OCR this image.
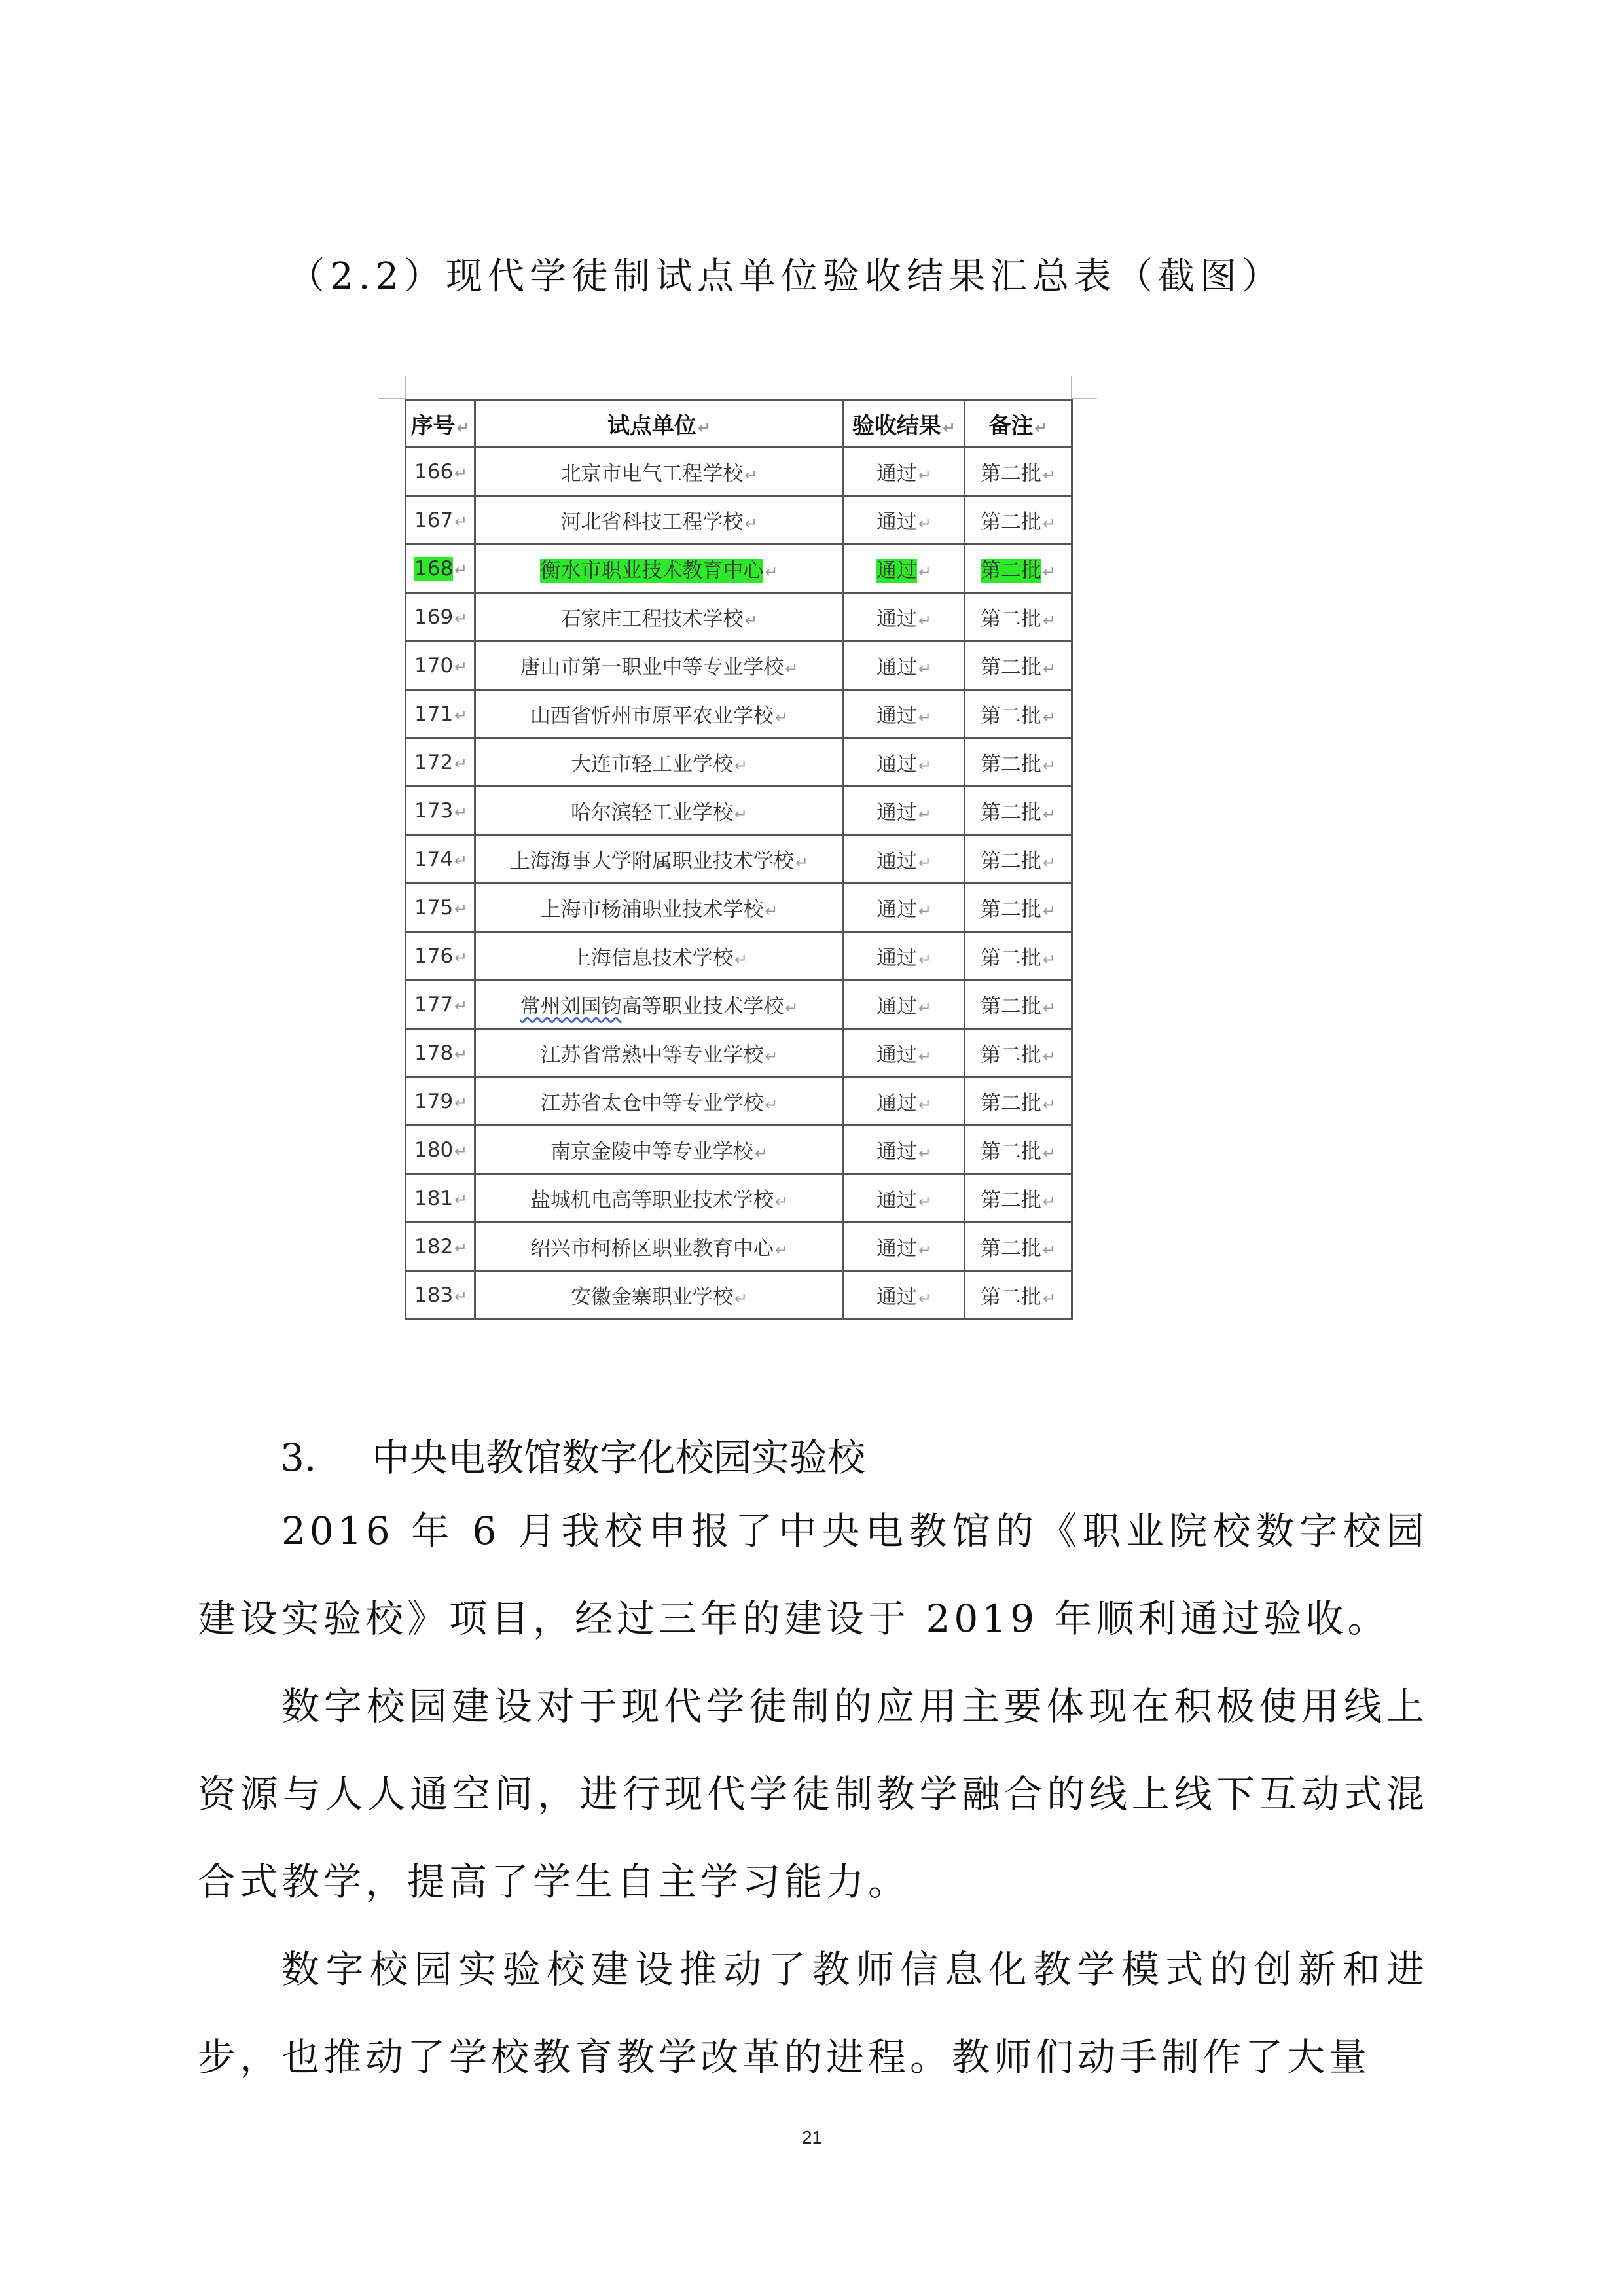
（2.2）现代学徒制试点单位验收结果汇总表（截图）
序号↵	试点单位↵	验收结果↵	备注↵
166↵	北京市电气工程学校↵	通过↵	第二批↵
167↵	河北省科技工程学校↵	通过↵	第二批↵
168↵	衡水市职业技术教育中心↵	通过↵	第二批↵
169↵	石家庄工程技术学校↵	通过↵	第二批↵
170↵	唐山市第一职业中等专业学校↵	通过↵	第二批↵
171↵	山西省忻州市原平农业学校↵	通过↵	第二批↵
172↵	大连市轻工业学校↵	通过↵	第二批↵
173↵	哈尔滨轻工业学校↵	通过↵	第二批↵
174↵	上海海事大学附属职业技术学校↵	通过↵	第二批↵
175↵	上海市杨浦职业技术学校↵	通过↵	第二批↵
176↵	上海信息技术学校↵	通过↵	第二批↵
177↵	常州刘国钧高等职业技术学校↵	通过↵	第二批↵
178↵	江苏省常熟中等专业学校↵	通过↵	第二批↵
179↵	江苏省太仓中等专业学校↵	通过↵	第二批↵
180↵	南京金陵中等专业学校↵	通过↵	第二批↵
181↵	盐城机电高等职业技术学校↵	通过↵	第二批↵
182↵	绍兴市柯桥区职业教育中心↵	通过↵	第二批↵
183↵	安徽金寨职业学校↵	通过↵	第二批↵
3. 中央电教馆数字化校园实验校
2016 年 6 月我校申报了中央电教馆的《职业院校数字校园建设实验校》项目，经过三年的建设于 2019 年顺利通过验收。
数字校园建设对于现代学徒制的应用主要体现在积极使用线上资源与人人通空间，进行现代学徒制教学融合的线上线下互动式混合式教学，提高了学生自主学习能力。
数字校园实验校建设推动了教师信息化教学模式的创新和进步，也推动了学校教育教学改革的进程。教师们动手制作了大量
21
